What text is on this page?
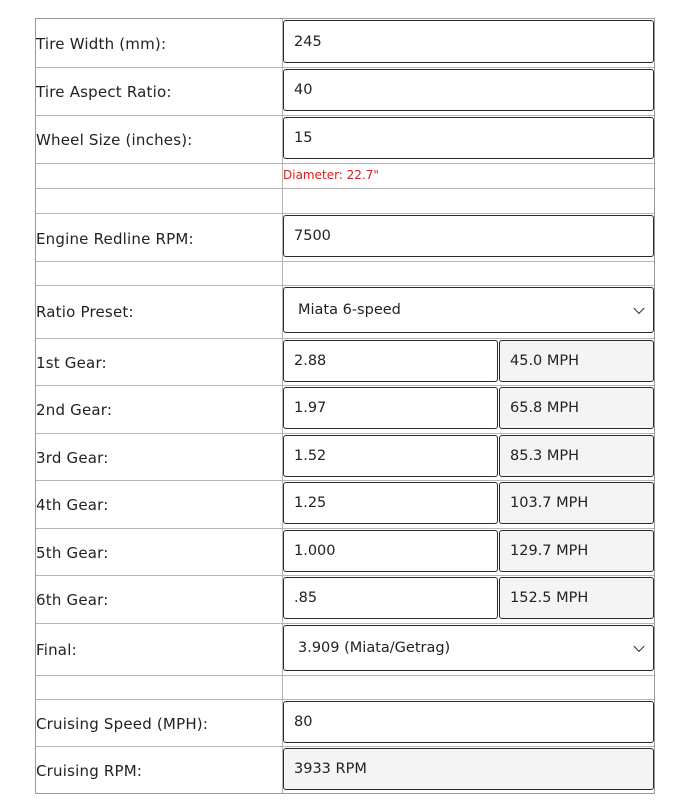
Tire Width (mm):	245
Tire Aspect Ratio:	40
Wheel Size (inches):	15
Diameter: 22.7"
Engine Redline RPM:	7500
Ratio Preset:	Miata 6-speed
1st Gear:	2.88	45.0 MPH
2nd Gear:	1.97	65.8 MPH
3rd Gear:	1.52	85.3 MPH
4th Gear:	1.25	103.7 MPH
5th Gear:	1.000	129.7 MPH
6th Gear:	.85	152.5 MPH
Final:	3.909 (Miata/Getrag)
Cruising Speed (MPH):	80
Cruising RPM:	3933 RPM
